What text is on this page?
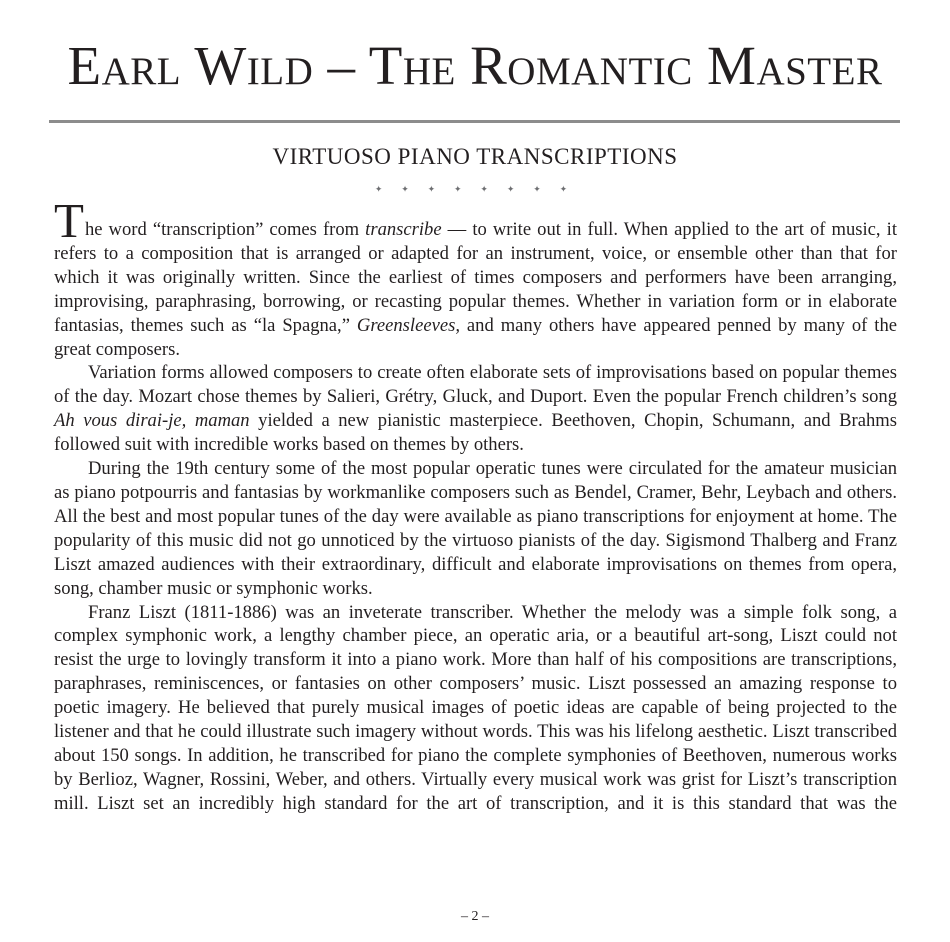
Earl Wild – The Romantic Master
VIRTUOSO PIANO TRANSCRIPTIONS
✦ ✦ ✦ ✦ ✦ ✦ ✦ ✦

The word “transcription” comes from transcribe — to write out in full. When applied to the art of music, it refers to a composition that is arranged or adapted for an instrument, voice, or ensemble other than that for which it was originally written. Since the earliest of times composers and performers have been arranging, improvising, paraphrasing, borrowing, or recasting popular themes. Whether in variation form or in elaborate fantasias, themes such as “la Spagna,” Greensleeves, and many others have appeared penned by many of the great composers.

Variation forms allowed composers to create often elaborate sets of improvisations based on popular themes of the day. Mozart chose themes by Salieri, Grétry, Gluck, and Duport. Even the popular French children’s song Ah vous dirai-je, maman yielded a new pianistic masterpiece. Beethoven, Chopin, Schumann, and Brahms followed suit with incredible works based on themes by others.

During the 19th century some of the most popular operatic tunes were circulated for the amateur musician as piano potpourris and fantasias by workmanlike composers such as Bendel, Cramer, Behr, Leybach and others. All the best and most popular tunes of the day were available as piano transcriptions for enjoyment at home. The popularity of this music did not go unnoticed by the virtuoso pianists of the day. Sigismond Thalberg and Franz Liszt amazed audiences with their extraordinary, difficult and elaborate improvisations on themes from opera, song, chamber music or symphonic works.

Franz Liszt (1811-1886) was an inveterate transcriber. Whether the melody was a simple folk song, a complex symphonic work, a lengthy chamber piece, an operatic aria, or a beautiful art-song, Liszt could not resist the urge to lovingly transform it into a piano work. More than half of his compositions are transcriptions, paraphrases, reminiscences, or fantasies on other composers’ music. Liszt possessed an amazing response to poetic imagery. He believed that purely musical images of poetic ideas are capable of being projected to the listener and that he could illustrate such imagery without words. This was his lifelong aesthetic. Liszt transcribed about 150 songs. In addition, he transcribed for piano the complete symphonies of Beethoven, numerous works by Berlioz, Wagner, Rossini, Weber, and others. Virtually every musical work was grist for Liszt’s transcription mill. Liszt set an incredibly high standard for the art of transcription, and it is this standard that was the

– 2 –
